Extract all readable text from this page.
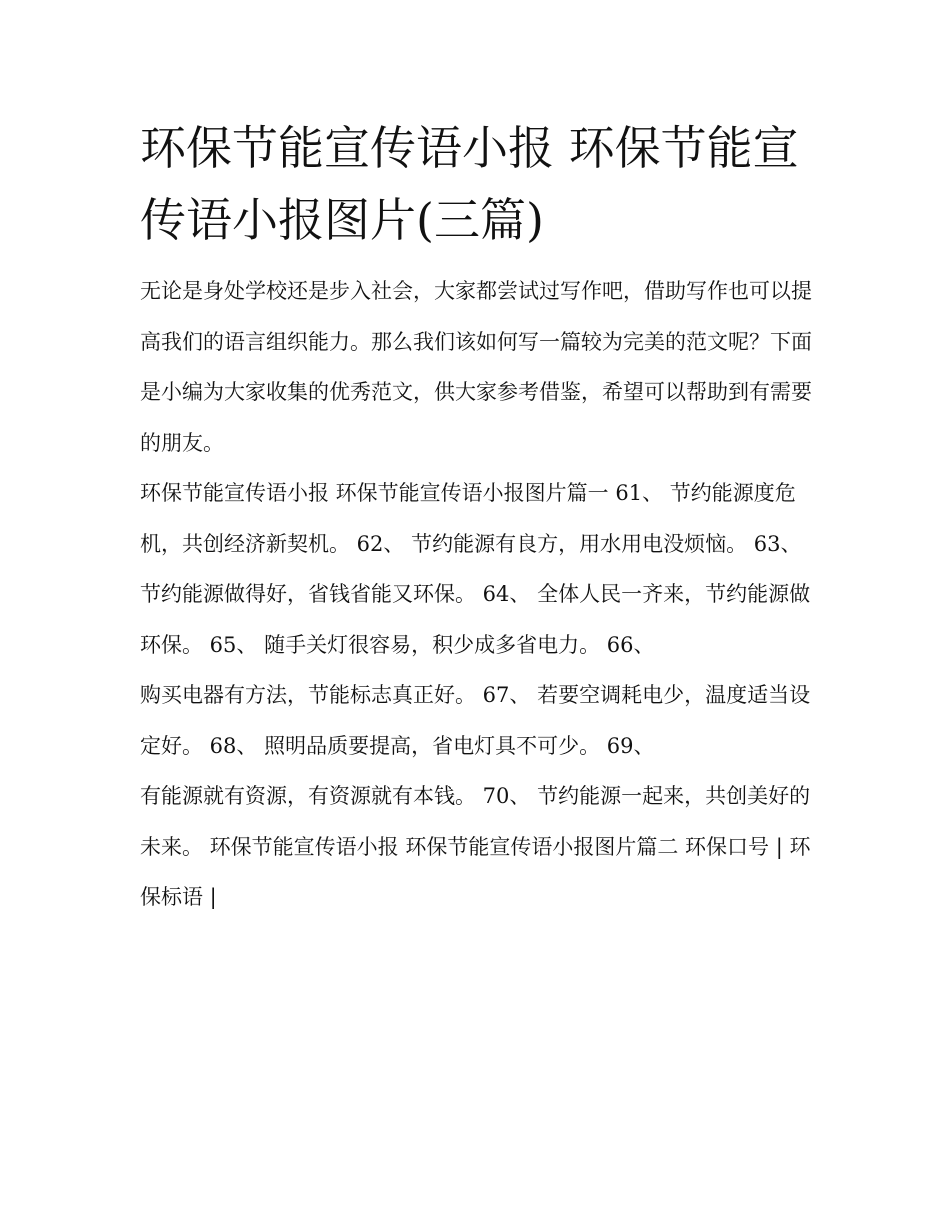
环保节能宣传语小报 环保节能宣传语小报图片(三篇)

无论是身处学校还是步入社会，大家都尝试过写作吧，借助写作也可以提高我们的语言组织能力。那么我们该如何写一篇较为完美的范文呢？下面是小编为大家收集的优秀范文，供大家参考借鉴，希望可以帮助到有需要的朋友。

环保节能宣传语小报 环保节能宣传语小报图片篇一 61、 节约能源度危机，共创经济新契机。 62、 节约能源有良方，用水用电没烦恼。 63、

节约能源做得好，省钱省能又环保。 64、 全体人民一齐来，节约能源做环保。 65、 随手关灯很容易，积少成多省电力。 66、

购买电器有方法，节能标志真正好。 67、 若要空调耗电少，温度适当设定好。 68、 照明品质要提高，省电灯具不可少。 69、

有能源就有资源，有资源就有本钱。 70、 节约能源一起来，共创美好的未来。 环保节能宣传语小报 环保节能宣传语小报图片篇二 环保口号 | 环保标语 |
